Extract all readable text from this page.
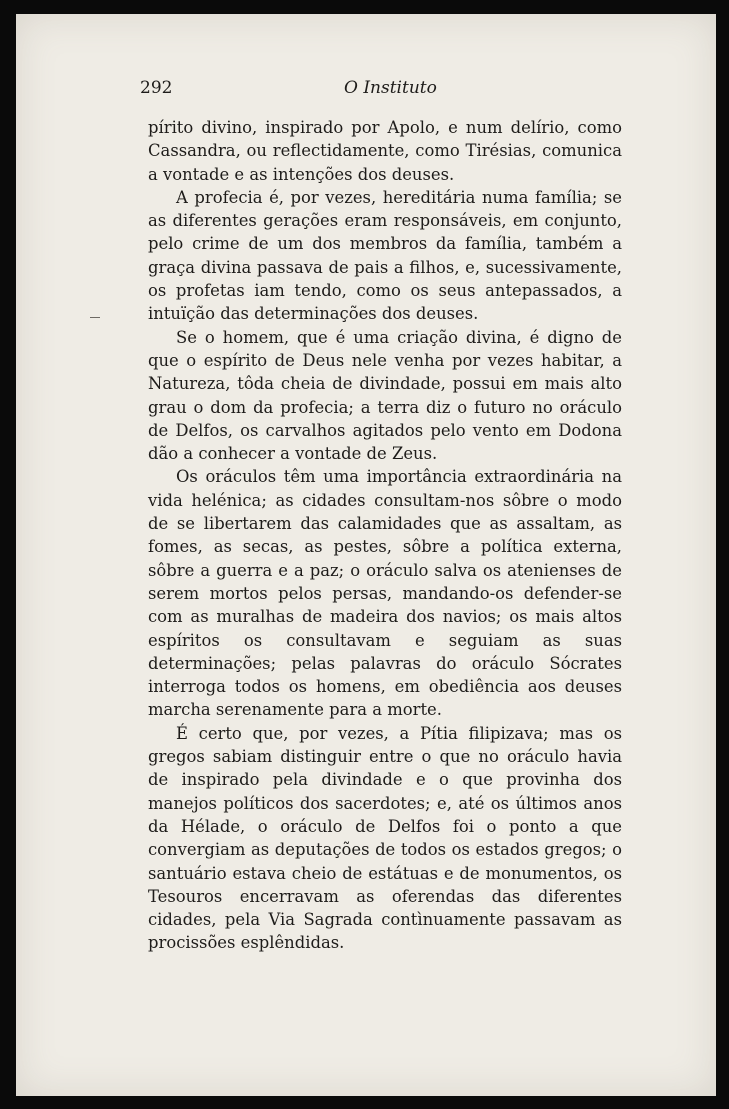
292	O Instituto

pírito divino, inspirado por Apolo, e num delírio, como Cassandra, ou reflectidamente, como Tirésias, comunica a vontade e as intenções dos deuses.

A profecia é, por vezes, hereditária numa família; se as diferentes gerações eram responsáveis, em conjunto, pelo crime de um dos membros da família, também a graça divina passava de pais a filhos, e, sucessivamente, os profetas iam tendo, como os seus antepassados, a intuïção das determinações dos deuses.

Se o homem, que é uma criação divina, é digno de que o espírito de Deus nele venha por vezes habitar, a Natureza, tôda cheia de divindade, possui em mais alto grau o dom da profecia; a terra diz o futuro no oráculo de Delfos, os carvalhos agitados pelo vento em Dodona dão a conhecer a vontade de Zeus.

Os oráculos têm uma importância extraordinária na vida helénica; as cidades consultam-nos sôbre o modo de se libertarem das calamidades que as assaltam, as fomes, as secas, as pestes, sôbre a política externa, sôbre a guerra e a paz; o oráculo salva os atenienses de serem mortos pelos persas, mandando-os defender-se com as muralhas de madeira dos navios; os mais altos espíritos os consultavam e seguiam as suas determinações; pelas palavras do oráculo Sócrates interroga todos os homens, em obediência aos deuses marcha serenamente para a morte.

É certo que, por vezes, a Pítia filipizava; mas os gregos sabiam distinguir entre o que no oráculo havia de inspirado pela divindade e o que provinha dos manejos políticos dos sacerdotes; e, até os últimos anos da Hélade, o oráculo de Delfos foi o ponto a que convergiam as deputações de todos os estados gregos; o santuário estava cheio de estátuas e de monumentos, os Tesouros encerravam as oferendas das diferentes cidades, pela Via Sagrada contìnuamente passavam as procissões esplêndidas.
